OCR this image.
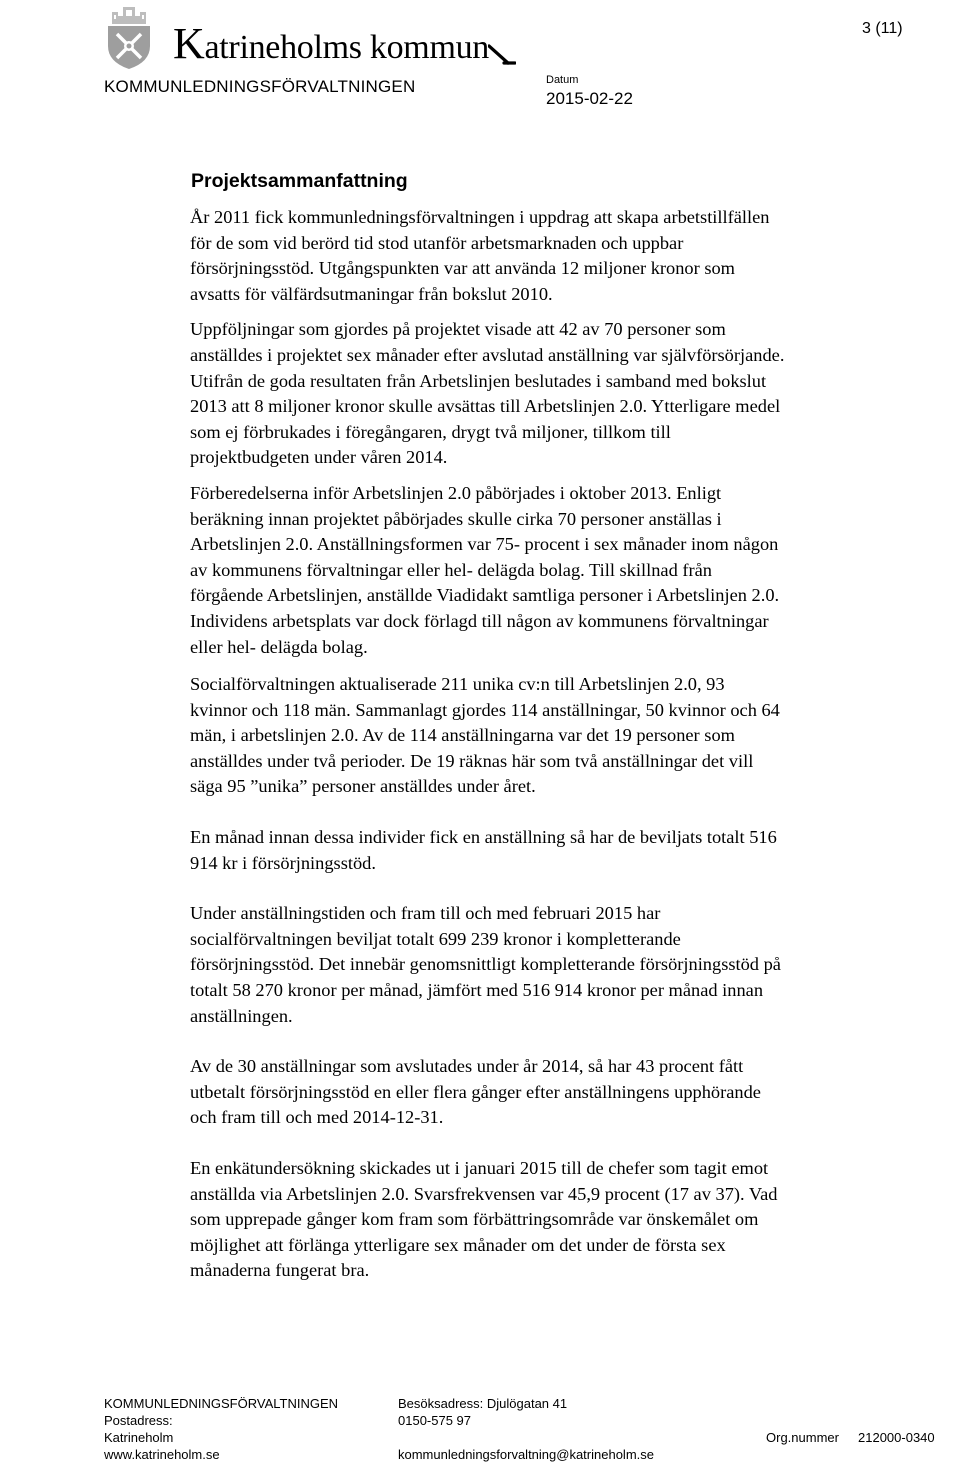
Katrineholms kommun
KOMMUNLEDNINGSFÖRVALTNINGEN	Datum
2015-02-22
3 (11)
Projektsammanfattning

År 2011 fick kommunledningsförvaltningen i uppdrag att skapa arbetstillfällen
för de som vid berörd tid stod utanför arbetsmarknaden och uppbar
försörjningsstöd. Utgångspunkten var att använda 12 miljoner kronor som
avsatts för välfärdsutmaningar från bokslut 2010.

Uppföljningar som gjordes på projektet visade att 42 av 70 personer som
anställdes i projektet sex månader efter avslutad anställning var självförsörjande.
Utifrån de goda resultaten från Arbetslinjen beslutades i samband med bokslut
2013 att 8 miljoner kronor skulle avsättas till Arbetslinjen 2.0. Ytterligare medel
som ej förbrukades i föregångaren, drygt två miljoner, tillkom till
projektbudgeten under våren 2014.

Förberedelserna inför Arbetslinjen 2.0 påbörjades i oktober 2013. Enligt
beräkning innan projektet påbörjades skulle cirka 70 personer anställas i
Arbetslinjen 2.0. Anställningsformen var 75- procent i sex månader inom någon
av kommunens förvaltningar eller hel- delägda bolag. Till skillnad från
förgående Arbetslinjen, anställde Viadidakt samtliga personer i Arbetslinjen 2.0.
Individens arbetsplats var dock förlagd till någon av kommunens förvaltningar
eller hel- delägda bolag.

Socialförvaltningen aktualiserade 211 unika cv:n till Arbetslinjen 2.0, 93
kvinnor och 118 män. Sammanlagt gjordes 114 anställningar, 50 kvinnor och 64
män, i arbetslinjen 2.0. Av de 114 anställningarna var det 19 personer som
anställdes under två perioder. De 19 räknas här som två anställningar det vill
säga 95 ”unika” personer anställdes under året.

En månad innan dessa individer fick en anställning så har de beviljats totalt 516
914 kr i försörjningsstöd.

Under anställningstiden och fram till och med februari 2015 har
socialförvaltningen beviljat totalt 699 239 kronor i kompletterande
försörjningsstöd. Det innebär genomsnittligt kompletterande försörjningsstöd på
totalt 58 270 kronor per månad, jämfört med 516 914 kronor per månad innan
anställningen.

Av de 30 anställningar som avslutades under år 2014, så har 43 procent fått
utbetalt försörjningsstöd en eller flera gånger efter anställningens upphörande
och fram till och med 2014-12-31.

En enkätundersökning skickades ut i januari 2015 till de chefer som tagit emot
anställda via Arbetslinjen 2.0. Svarsfrekvensen var 45,9 procent (17 av 37). Vad
som upprepade gånger kom fram som förbättringsområde var önskemålet om
möjlighet att förlänga ytterligare sex månader om det under de första sex
månaderna fungerat bra.

KOMMUNLEDNINGSFÖRVALTNINGEN
Postadress:
Katrineholm
www.katrineholm.se
Besöksadress: Djulögatan 41
0150-575 97

kommunledningsforvaltning@katrineholm.se
Org.nummer 212000-0340
